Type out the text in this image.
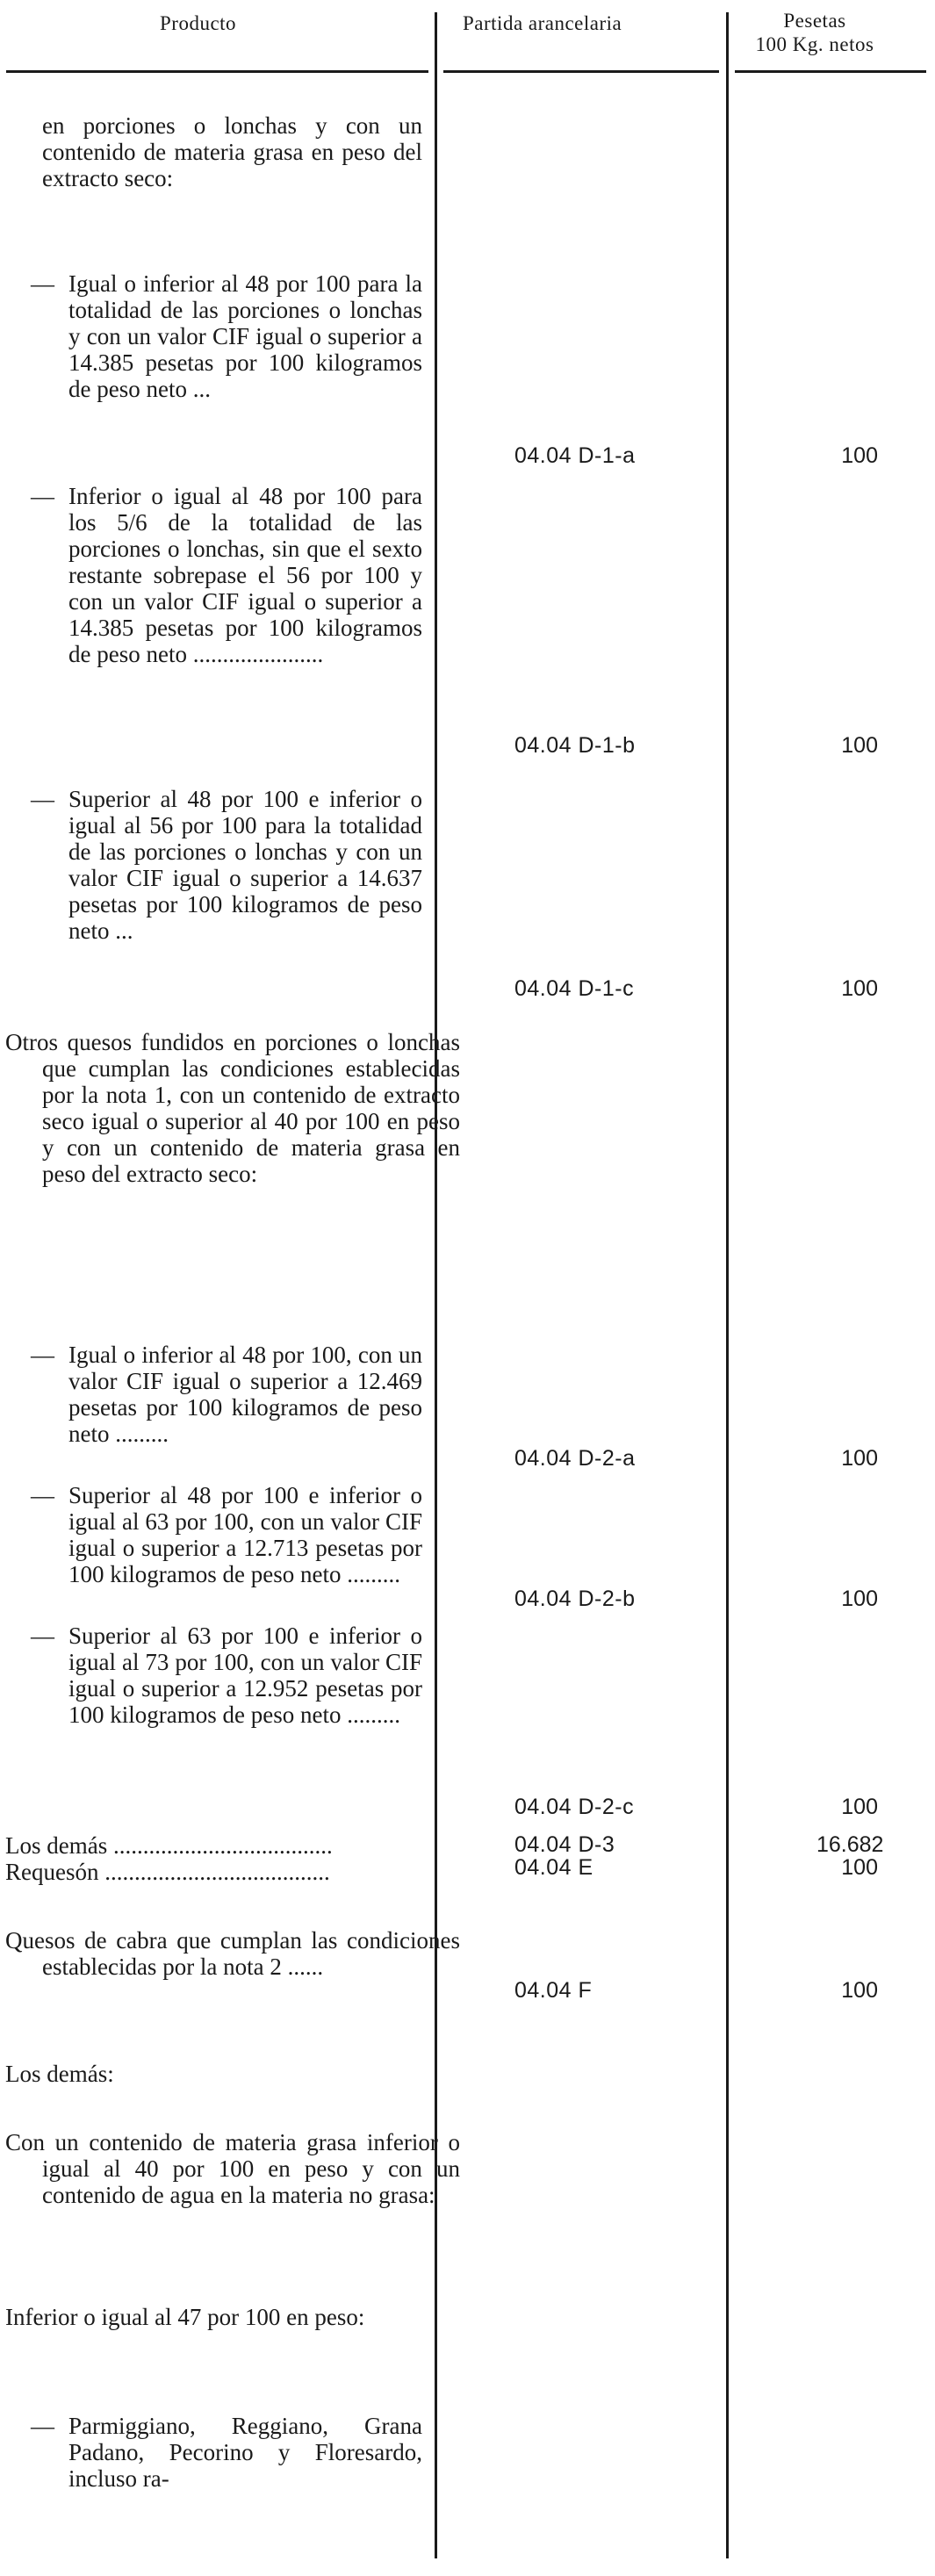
Producto	Partida arancelaria	Pesetas
100 Kg. netos
en porciones o lonchas y con un contenido de materia grasa en peso del extracto seco:
— Igual o inferior al 48 por 100 para la totalidad de las porciones o lonchas y con un valor CIF igual o superior a 14.385 pesetas por 100 kilogramos de peso neto ...
— Inferior o igual al 48 por 100 para los 5/6 de la totalidad de las porciones o lonchas, sin que el sexto restante sobrepase el 56 por 100 y con un valor CIF igual o superior a 14.385 pesetas por 100 kilogramos de peso neto ......................
— Superior al 48 por 100 e inferior o igual al 56 por 100 para la totalidad de las porciones o lonchas y con un valor CIF igual o superior a 14.637 pesetas por 100 kilogramos de peso neto ...
Otros quesos fundidos en porciones o lonchas que cumplan las condiciones establecidas por la nota 1, con un contenido de extracto seco igual o superior al 40 por 100 en peso y con un contenido de materia grasa en peso del extracto seco:
— Igual o inferior al 48 por 100, con un valor CIF igual o superior a 12.469 pesetas por 100 kilogramos de peso neto .........
— Superior al 48 por 100 e inferior o igual al 63 por 100, con un valor CIF igual o superior a 12.713 pesetas por 100 kilogramos de peso neto .........
— Superior al 63 por 100 e inferior o igual al 73 por 100, con un valor CIF igual o superior a 12.952 pesetas por 100 kilogramos de peso neto .........
Los demás .....................................
Requesón ......................................
Quesos de cabra que cumplan las condiciones establecidas por la nota 2 ......
Los demás:
Con un contenido de materia grasa inferior o igual al 40 por 100 en peso y con un contenido de agua en la materia no grasa:
Inferior o igual al 47 por 100 en peso:
— Parmiggiano, Reggiano, Grana Padano, Pecorino y Floresardo, incluso ra-
04.04 D-1-a
04.04 D-1-b
04.04 D-1-c
04.04 D-2-a
04.04 D-2-b
04.04 D-2-c
04.04 D-3
04.04 E
04.04 F
100
100
100
100
100
100
16.682
100
100
